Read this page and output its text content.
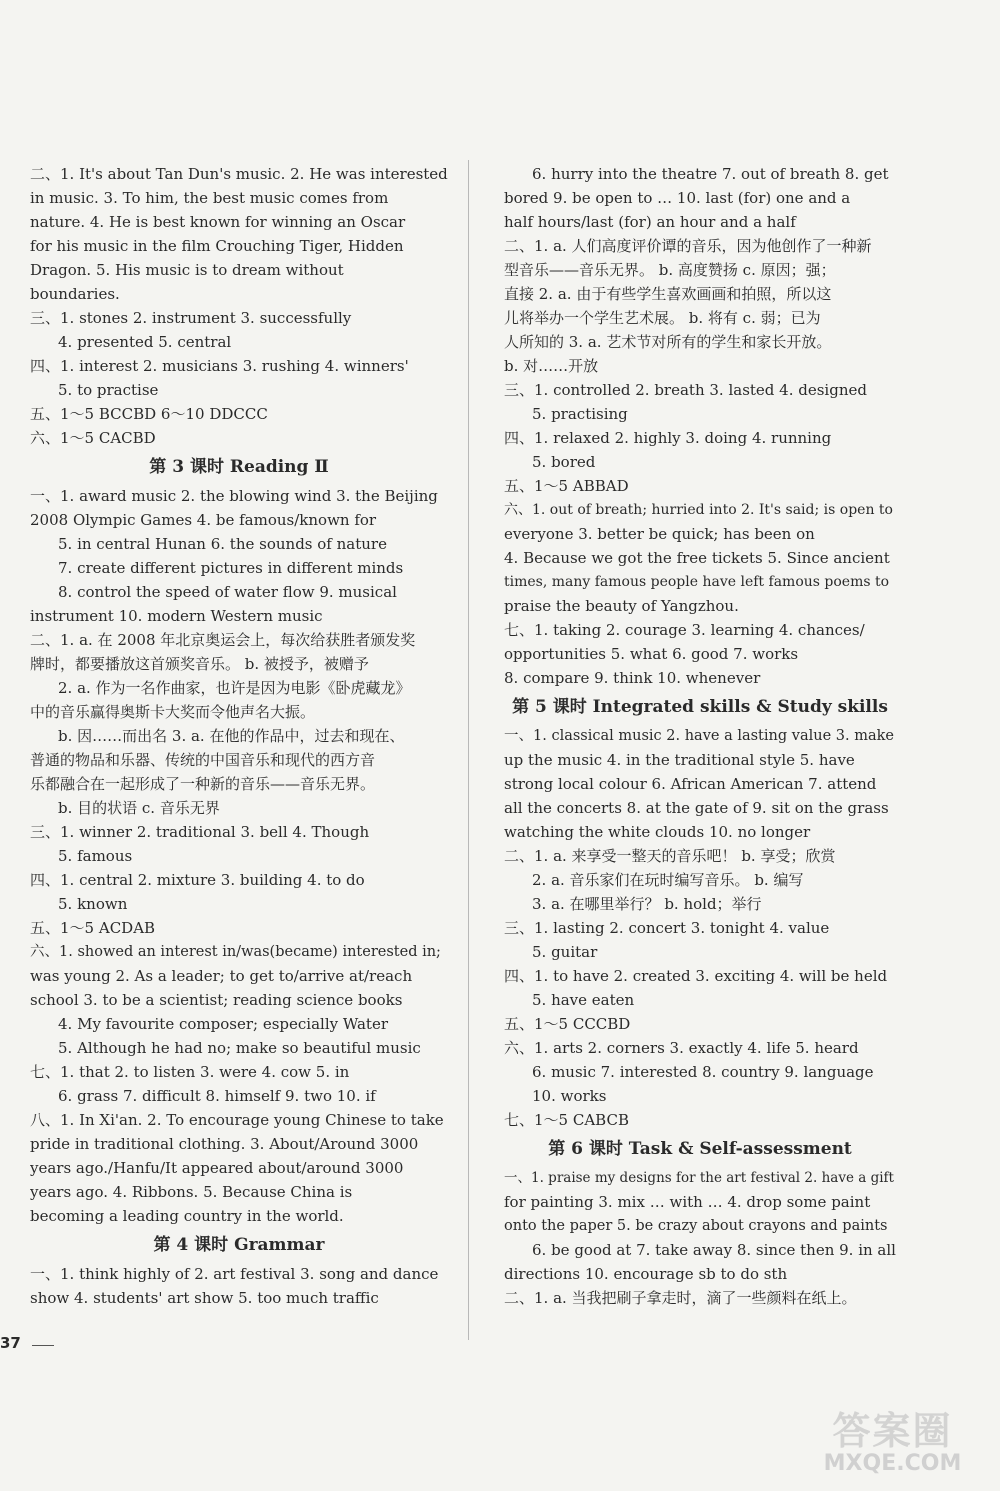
二、1. It's about Tan Dun's music. 2. He was interested
in music. 3. To him, the best music comes from
nature. 4. He is best known for winning an Oscar
for his music in the film Crouching Tiger, Hidden
Dragon. 5. His music is to dream without
boundaries.
三、1. stones 2. instrument 3. successfully
4. presented 5. central
四、1. interest 2. musicians 3. rushing 4. winners'
5. to practise
五、1～5 BCCBD 6～10 DDCCC
六、1～5 CACBD
第 3 课时 Reading Ⅱ
一、1. award music 2. the blowing wind 3. the Beijing
2008 Olympic Games 4. be famous/known for
5. in central Hunan 6. the sounds of nature
7. create different pictures in different minds
8. control the speed of water flow 9. musical
instrument 10. modern Western music
二、1. a. 在 2008 年北京奥运会上，每次给获胜者颁发奖
牌时，都要播放这首颁奖音乐。 b. 被授予，被赠予
2. a. 作为一名作曲家，也许是因为电影《卧虎藏龙》
中的音乐赢得奥斯卡大奖而令他声名大振。
b. 因……而出名 3. a. 在他的作品中，过去和现在、
普通的物品和乐器、传统的中国音乐和现代的西方音
乐都融合在一起形成了一种新的音乐——音乐无界。
b. 目的状语 c. 音乐无界
三、1. winner 2. traditional 3. bell 4. Though
5. famous
四、1. central 2. mixture 3. building 4. to do
5. known
五、1～5 ACDAB
六、1. showed an interest in/was(became) interested in;
was young 2. As a leader; to get to/arrive at/reach
school 3. to be a scientist; reading science books
4. My favourite composer; especially Water
5. Although he had no; make so beautiful music
七、1. that 2. to listen 3. were 4. cow 5. in
6. grass 7. difficult 8. himself 9. two 10. if
八、1. In Xi'an. 2. To encourage young Chinese to take
pride in traditional clothing. 3. About/Around 3000
years ago./Hanfu/It appeared about/around 3000
years ago. 4. Ribbons. 5. Because China is
becoming a leading country in the world.
第 4 课时 Grammar
一、1. think highly of 2. art festival 3. song and dance
show 4. students' art show 5. too much traffic
6. hurry into the theatre 7. out of breath 8. get
bored 9. be open to … 10. last (for) one and a
half hours/last (for) an hour and a half
二、1. a. 人们高度评价谭的音乐，因为他创作了一种新
型音乐——音乐无界。 b. 高度赞扬 c. 原因；强；
直接 2. a. 由于有些学生喜欢画画和拍照，所以这
儿将举办一个学生艺术展。 b. 将有 c. 弱；已为
人所知的 3. a. 艺术节对所有的学生和家长开放。
b. 对……开放
三、1. controlled 2. breath 3. lasted 4. designed
5. practising
四、1. relaxed 2. highly 3. doing 4. running
5. bored
五、1～5 ABBAD
六、1. out of breath; hurried into 2. It's said; is open to
everyone 3. better be quick; has been on
4. Because we got the free tickets 5. Since ancient
times, many famous people have left famous poems to
praise the beauty of Yangzhou.
七、1. taking 2. courage 3. learning 4. chances/
opportunities 5. what 6. good 7. works
8. compare 9. think 10. whenever
第 5 课时 Integrated skills & Study skills
一、1. classical music 2. have a lasting value 3. make
up the music 4. in the traditional style 5. have
strong local colour 6. African American 7. attend
all the concerts 8. at the gate of 9. sit on the grass
watching the white clouds 10. no longer
二、1. a. 来享受一整天的音乐吧！ b. 享受；欣赏
2. a. 音乐家们在玩时编写音乐。 b. 编写
3. a. 在哪里举行？ b. hold；举行
三、1. lasting 2. concert 3. tonight 4. value
5. guitar
四、1. to have 2. created 3. exciting 4. will be held
5. have eaten
五、1～5 CCCBD
六、1. arts 2. corners 3. exactly 4. life 5. heard
6. music 7. interested 8. country 9. language
10. works
七、1～5 CABCB
第 6 课时 Task & Self-assessment
一、1. praise my designs for the art festival 2. have a gift
for painting 3. mix … with … 4. drop some paint
onto the paper 5. be crazy about crayons and paints
6. be good at 7. take away 8. since then 9. in all
directions 10. encourage sb to do sth
二、1. a. 当我把刷子拿走时，滴了一些颜料在纸上。
37
答案圈
MXQE.COM
